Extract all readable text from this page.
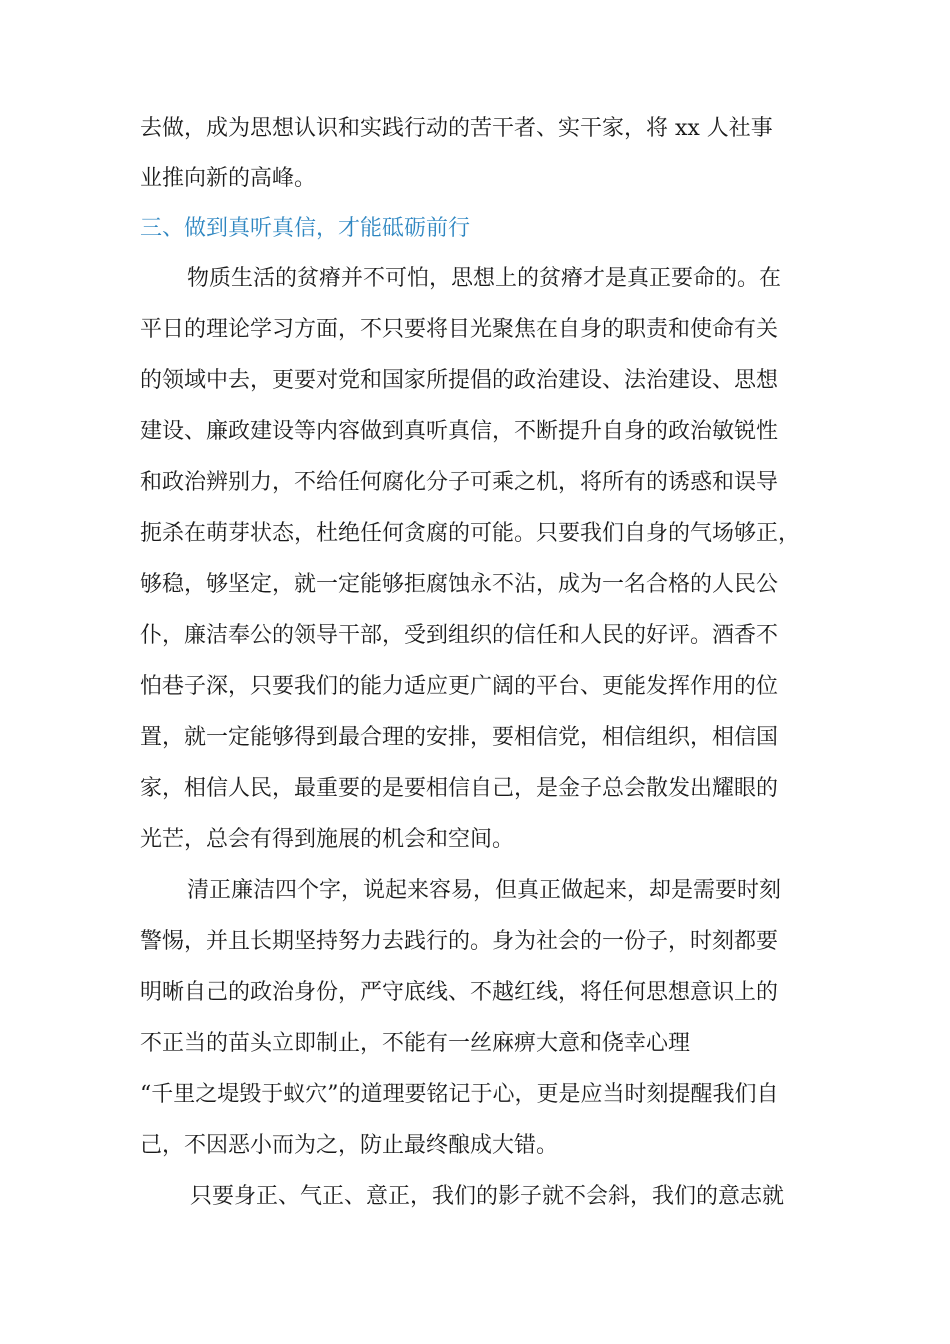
去做，成为思想认识和实践行动的苦干者、实干家，将 xx 人社事
业推向新的高峰。
三、做到真听真信，才能砥砺前行
物质生活的贫瘠并不可怕，思想上的贫瘠才是真正要命的。在
平日的理论学习方面，不只要将目光聚焦在自身的职责和使命有关
的领域中去，更要对党和国家所提倡的政治建设、法治建设、思想
建设、廉政建设等内容做到真听真信，不断提升自身的政治敏锐性
和政治辨别力，不给任何腐化分子可乘之机，将所有的诱惑和误导
扼杀在萌芽状态，杜绝任何贪腐的可能。只要我们自身的气场够正，
够稳，够坚定，就一定能够拒腐蚀永不沾，成为一名合格的人民公
仆，廉洁奉公的领导干部，受到组织的信任和人民的好评。酒香不
怕巷子深，只要我们的能力适应更广阔的平台、更能发挥作用的位
置，就一定能够得到最合理的安排，要相信党，相信组织，相信国
家，相信人民，最重要的是要相信自己，是金子总会散发出耀眼的
光芒，总会有得到施展的机会和空间。
清正廉洁四个字，说起来容易，但真正做起来，却是需要时刻
警惕，并且长期坚持努力去践行的。身为社会的一份子，时刻都要
明晰自己的政治身份，严守底线、不越红线，将任何思想意识上的
不正当的苗头立即制止，不能有一丝麻痹大意和侥幸心理
“千里之堤毁于蚁穴”的道理要铭记于心，更是应当时刻提醒我们自
己，不因恶小而为之，防止最终酿成大错。
只要身正、气正、意正，我们的影子就不会斜，我们的意志就
